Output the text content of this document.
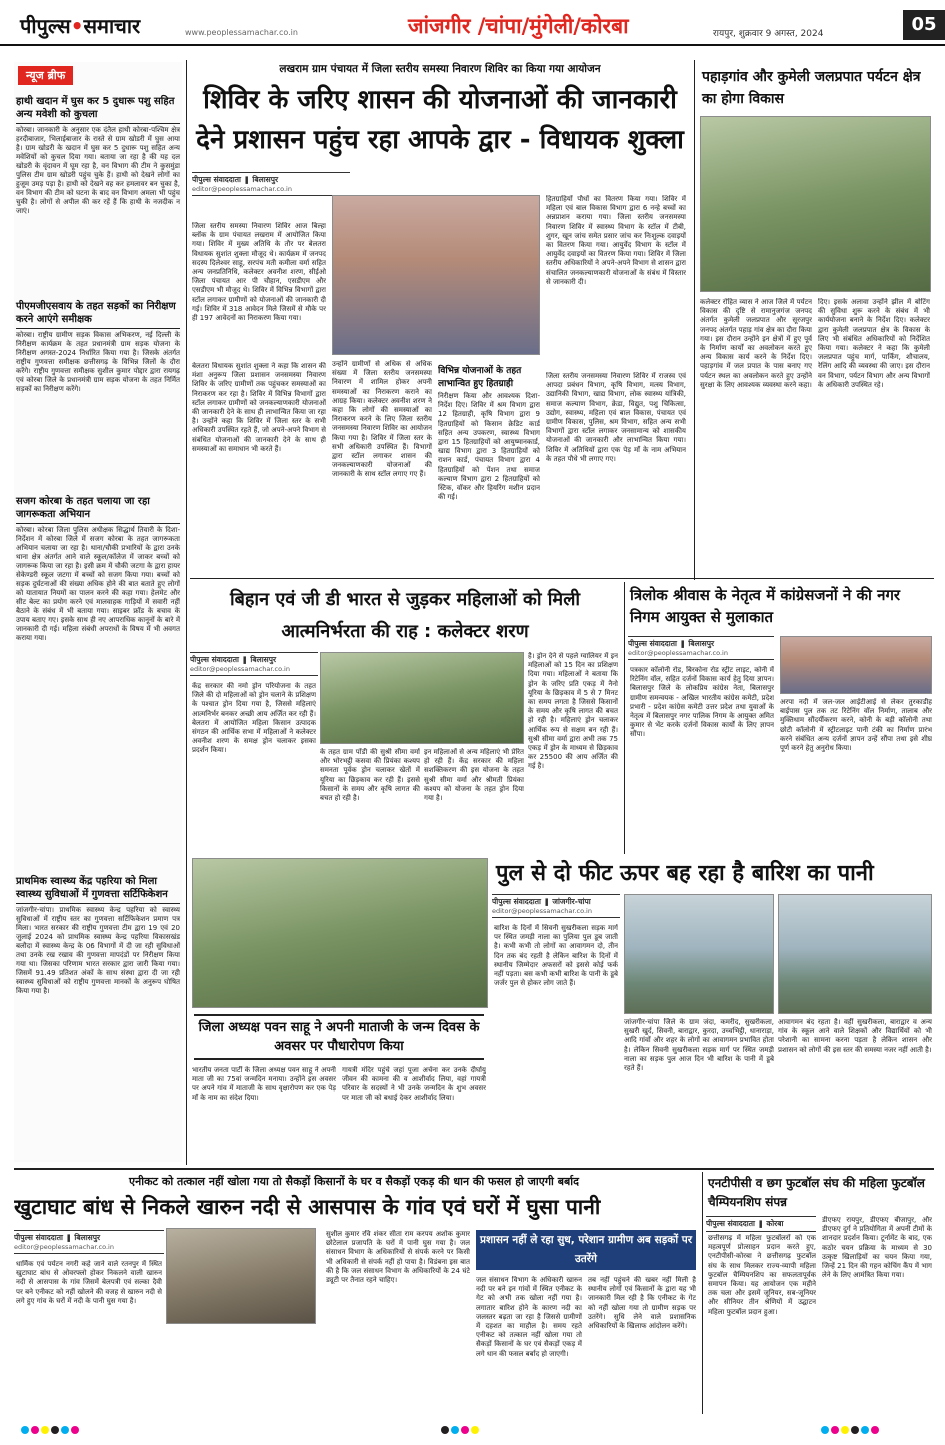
पीपुल्स•समाचार	www.peoplessamachar.co.in	जांजगीर /चांपा/मुंगेली/कोरबा	रायपुर, शुक्रवार 9 अगस्त, 2024	05
न्यूज ब्रीफ
हाथी खदान में घुस कर 5 दुधारू पशु सहित अन्य मवेशी को कुचला
कोरबा। जानकारी के अनुसार एक दंतैल हाथी कोरबा-पश्चिम क्षेत्र हरदीबाजार, भिलाईबाजार के रास्ते से ग्राम खोडरी में घुस आया है। ग्राम खोडरी के खदान में घुस कर 5 दुधारू पशु सहित अन्य मवेशियों को कुचल दिया गया। बताया जा रहा है की यह दल खोडरी के वृंदावन में घूम रहा है, वन विभाग की टीम ने कुसमुंडा पुलिस टीम ग्राम खोडरी पहुंच चुके हैं। हाथी को देखने लोगों का हुजूम उमड़ पड़ा है। हाथी को देखने वह कर हमलावर बन चुका है, वन विभाग की टीम को घटना के बाद वन विभाग अमला भी पहुंच चुकी है। लोगों से अपील की कर रहें हैं कि हाथी के नजदीक न जाएं।
पीएमजीएसवाय के तहत सड़कों का निरीक्षण करने आएंगे समीक्षक
कोरबा। राष्ट्रीय ग्रामीण सड़क विकास अभिकरण, नई दिल्ली के निरीक्षण कार्यक्रम के तहत प्रधानमंत्री ग्राम सड़क योजना के निरीक्षण अगस्त-2024 निर्धारित किया गया है। जिसके अंतर्गत राष्ट्रीय गुणवत्ता समीक्षक छत्तीसगढ़ के विभिन्न जिलों के दौरा करेंगे। राष्ट्रीय गुणवत्ता समीक्षक सुशील कुमार पोद्दार द्वारा रायगढ़ एवं कोरबा जिले के प्रधानमंत्री ग्राम सड़क योजना के तहत निर्मित सड़कों का निरीक्षण करेंगे।
सजग कोरबा के तहत चलाया जा रहा जागरूकता अभियान
कोरबा। कोरबा जिला पुलिस अधीक्षक सिद्धार्थ तिवारी के दिशा-निर्देशन में कोरबा जिले में सजग कोरबा के तहत जागरूकता अभियान चलाया जा रहा है। थाना/चौकी प्रभारियों के द्वारा उनके थाना क्षेत्र अंतर्गत आने वाले स्कूल/कॉलेज में जाकर बच्चों को जागरूक किया जा रहा है। इसी क्रम में चौकी जटगा के द्वारा हायर सेकेण्डरी स्कूल जटगा में बच्चों को सजग किया गया। बच्चों को सड़क दुर्घटनाओं की संख्या अधिक होने की बात बताते हुए लोगों को यातायात नियमों का पालन करने की कहा गया। हेलमेट और सीट बेल्ट का प्रयोग करने एवं मालवाहक गाड़ियों में सवारी नहीं बैठाने के संबंध में भी बताया गया। साइबर फ्रॉड के बचाव के उपाय बताए गए। इसके साथ ही नए आपराधिक कानूनों के बारे में जानकारी दी गई। महिला संबंधी अपराधों के विषय में भी अवगत कराया गया।
प्राथमिक स्वास्थ्य केंद्र पहरिया को मिला स्वास्थ्य सुविधाओं में गुणवत्ता सर्टिफिकेशन
जांजगीर-चांपा। प्राथमिक स्वास्थ्य केन्द्र पहरिया को स्वास्थ्य सुविधाओं में राष्ट्रीय स्तर का गुणवत्ता सर्टिफिकेशन प्रमाण पत्र मिला। भारत सरकार की राष्ट्रीय गुणवत्ता टीम द्वारा 19 एवं 20 जुलाई 2024 को प्राथमिक स्वास्थ्य केन्द्र पहरिया विकासखंड बलौदा में स्वास्थ्य केन्द्र के 06 विभागों में दी जा रही सुविधाओं तथा उनके रख रखाव की गुणवत्ता मापदंडों पर निरीक्षण किया गया था। जिसका परिणाम भारत सरकार द्वारा जारी किया गया। जिसमें 91.49 प्रतिशत अंकों के साथ संस्था द्वारा दी जा रही स्वास्थ्य सुविधाओं को राष्ट्रीय गुणवत्ता मानकों के अनुरूप घोषित किया गया है।
लखराम ग्राम पंचायत में जिला स्तरीय समस्या निवारण शिविर का किया गया आयोजन
शिविर के जरिए शासन की योजनाओं की जानकारी देने प्रशासन पहुंच रहा आपके द्वार - विधायक शुक्ला
पीपुल्स संवाददाता ❚ बिलासपुर
editor@peoplessamachar.co.in
जिला स्तरीय समस्या निवारण शिविर आज बिल्हा ब्लॉक के ग्राम पंचायत लखराम में आयोजित किया गया। शिविर में मुख्य अतिथि के तौर पर बेलतरा विधायक सुशांत शुक्ला मौजूद थे। कार्यक्रम में जनपद सदस्य दिलेश्वर साहू, सरपंच मती कमीला वर्मा सहित अन्य जनप्रतिनिधि, कलेक्टर अवनीश शरण, सीईओ जिला पंचायत आर पी चौहान, एसडीएम और एसडीएम भी मौजूद थे। शिविर में विभिन्न विभागों द्वारा स्टॉल लगाकर ग्रामीणों को योजनाओं की जानकारी दी गई। शिविर में 318 आवेदन मिले जिसमें से मौके पर ही 197 आवेदनों का निराकरण किया गया।
बेलतरा विधायक सुशांत शुक्ला ने कहा कि शासन की मंशा अनुरूप जिला प्रशासन जनसमस्या निवारण शिविर के जरिए ग्रामीणों तक पहुंचकर समस्याओं का निराकरण कर रहा है। शिविर में विभिन्न विभागों द्वारा स्टॉल लगाकर ग्रामीणों को जनकल्याणकारी योजनाओं की जानकारी देने के साथ ही लाभान्वित किया जा रहा है। उन्होंने कहा कि शिविर में जिला स्तर के सभी अधिकारी उपस्थित रहते हैं, जो अपने-अपने विभाग से संबंधित योजनाओं की जानकारी देने के साथ ही समस्याओं का समाधान भी करते हैं।
उन्होंने ग्रामीणों से अधिक से अधिक संख्या में जिला स्तरीय जनसमस्या निवारण में शामिल होकर अपनी समस्याओं का निराकरण कराने का आग्रह किया। कलेक्टर अवनीश शरण ने कहा कि लोगों की समस्याओं का निराकरण करने के लिए जिला स्तरीय जनसमस्या निवारण शिविर का आयोजन किया गया है। शिविर में जिला स्तर के सभी अधिकारी उपस्थित हैं। विभागों द्वारा स्टॉल लगाकर शासन की जनकल्याणकारी योजनाओं की जानकारी के साथ स्टॉल लगाए गए हैं।
विभिन्न योजनाओं के तहत लाभान्वित हुए हितग्राही
निरीक्षण किया और आवश्यक दिशा-निर्देश दिए। शिविर में श्रम विभाग द्वारा 12 हितग्राही, कृषि विभाग द्वारा 9 हितग्राहियों को किसान क्रेडिट कार्ड सहित अन्य उपकरण, स्वास्थ्य विभाग द्वारा 15 हितग्राहियों को आयुष्मानकार्ड, खाद्य विभाग द्वारा 3 हितग्राहियों को राशन कार्ड, पंचायत विभाग द्वारा 4 हितग्राहियों को पेंशन तथा समाज कल्याण विभाग द्वारा 2 हितग्राहियों को स्टिक, वॉकर और हियरिंग मशीन प्रदान की गई।
हितग्राहियों पौधों का वितरण किया गया। शिविर में महिला एवं बाल विकास विभाग द्वारा 6 नन्हे बच्चों का अन्नप्राशन कराया गया। जिला स्तरीय जनसमस्या निवारण शिविर में स्वास्थ्य विभाग के स्टॉल में टीबी, शुगर, खून जांच समेत प्रसार जांच कर निःशुल्क दवाइयों का वितरण किया गया। आयुर्वेद विभाग के स्टॉल में आयुर्वेद दवाइयों का वितरण किया गया। शिविर में जिला स्तरीय अधिकारियों ने अपने-अपने विभाग से शासन द्वारा संचालित जनकल्याणकारी योजनाओं के संबंध में विस्तार से जानकारी दी।
जिला स्तरीय जनसमस्या निवारण शिविर में राजस्व एवं आपदा प्रबंधन विभाग, कृषि विभाग, मत्स्य विभाग, उद्यानिकी विभाग, खाद्य विभाग, लोक स्वास्थ्य यांत्रिकी, समाज कल्याण विभाग, क्रेडा, विद्युत, पशु चिकित्सा, उद्योग, स्वास्थ्य, महिला एवं बाल विकास, पंचायत एवं ग्रामीण विकास, पुलिस, श्रम विभाग, सहित अन्य सभी विभागों द्वारा स्टॉल लगाकर जनसामान्य को शासकीय योजनाओं की जानकारी और लाभान्वित किया गया। शिविर में अतिथियों द्वारा एक पेड़ माँ के नाम अभियान के तहत पौधे भी लगाए गए।
पहाड़गांव और कुमेली जलप्रपात पर्यटन क्षेत्र का होगा विकास
कलेक्टर रोहित व्यास ने आज जिले में पर्यटन विकास की दृष्टि से रामानुजगंज जनपद अंतर्गत कुमेली जलप्रपात और सूरजपुर जनपद अंतर्गत पहाड़ गांव क्षेत्र का दौरा किया गया। इस दौरान उन्होंने इन क्षेत्रों में हुए पूर्व के निर्माण कार्यों का अवलोकन करते हुए अन्य विकास कार्य करने के निर्देश दिए। पहाड़गांव में जल प्रपात के पास बनाए गए पर्यटन स्थल का अवलोकन करते हुए उन्होंने सुरक्षा के लिए आवश्यक व्यवस्था करने कहा।
दिए। इसके अलावा उन्होंने झील में बोटिंग की सुविधा शुरू करने के संबंध में भी कार्ययोजना बनाने के निर्देश दिए। कलेक्टर द्वारा कुमेली जलप्रपात क्षेत्र के विकास के लिए भी संबंधित अधिकारियों को निर्देशित किया गया। कलेक्टर ने कहा कि कुमेली जलप्रपात पहुंच मार्ग, पार्किंग, शौचालय, रेलिंग आदि की व्यवस्था की जाए। इस दौरान वन विभाग, पर्यटन विभाग और अन्य विभागों के अधिकारी उपस्थित रहे।
बिहान एवं जी डी भारत से जुड़कर महिलाओं को मिली आत्मनिर्भरता की राह : कलेक्टर शरण
पीपुल्स संवाददाता ❚ बिलासपुर
editor@peoplessamachar.co.in
केंद्र सरकार की नमो ड्रोन परियोजना के तहत जिले की दो महिलाओं को ड्रोन चलाने के प्रशिक्षण के पश्चात ड्रोन दिया गया है, जिससे महिलाएं आत्मनिर्भर बनकर अच्छी आय अर्जित कर रही हैं। बेलतरा में आयोजित महिला किसान उत्पादक संगठन की आर्थिक सभा में महिलाओं ने कलेक्टर अवनीश शरण के समक्ष ड्रोन चलाकर इसका प्रदर्शन किया।	के तहत ग्राम पोंडी की सुश्री सीमा वर्मा और भोरभट्ठी कसवा की प्रियंका कश्यप समनता पूर्वक ड्रोन चलाकर खेतों में यूरिया का छिड़काव कर रही हैं। इससे किसानों के समय और कृषि लागत की बचत हो रही है।
इन महिलाओं से अन्य महिलाएं भी प्रेरित हो रही हैं। केंद्र सरकार की महिला सशक्तिकरण की इस योजना के तहत सुश्री सीमा वर्मा और श्रीमती प्रियंका कश्यप को योजना के तहत ड्रोन दिया गया है।
है। ड्रोन देने से पहले ग्वालियर में इन महिलाओं को 15 दिन का प्रशिक्षण दिया गया। महिलाओं ने बताया कि ड्रोन के जरिए प्रति एकड़ में नैनो यूरिया के छिड़काव में 5 से 7 मिनट का समय लगता है जिससे किसानों के समय और कृषि लागत की बचत हो रही है। महिलाएं ड्रोन चलाकर आर्थिक रूप से सक्षम बन रही हैं। सुश्री सीमा वर्मा द्वारा अभी तक 75 एकड़ में ड्रोन के माध्यम से छिड़काव कर 25500 की आय अर्जित की गई है।
त्रिलोक श्रीवास के नेतृत्व में कांग्रेसजनों ने की नगर निगम आयुक्त से मुलाकात
पीपुल्स संवाददाता ❚ बिलासपुर
editor@peoplessamachar.co.in
पत्रकार कॉलोनी रोड, बिरकोना रोड स्ट्रीट लाइट, कोनी में रिटेनिंग वॉल, सहित दर्जनों विकास कार्य हेतु दिया ज्ञापन। बिलासपुर जिले के लोकप्रिय कांग्रेस नेता, बिलासपुर ग्रामीण समन्वयक - अखिल भारतीय कांग्रेस कमेटी, प्रदेश प्रभारी - प्रदेश कांग्रेस कमेटी उत्तर प्रदेश तथा युवाओं के नेतृत्व में बिलासपुर नगर पालिक निगम के आयुक्त अमित कुमार से भेंट करके दर्जनों विकास कार्यों के लिए ज्ञापन सौंपा।
अरपा नदी में जल-जल आईटीआई से लेकर तुरकाडीह बाईपास पुल तक तट रिटेनिंग वॉल निर्माण, तालाब और मुक्तिधाम सौंदर्यीकरण करने, कोनी के बड़ी कॉलोनी तथा छोटी कॉलोनी में स्ट्रीटलाइट पानी टंकी का निर्माण प्रारंभ करने संबंधित अन्य दर्जनों ज्ञापन उन्हें सौंपा तथा इसे शीघ्र पूर्ण करने हेतु अनुरोध किया।
जिला अध्यक्ष पवन साहू ने अपनी माताजी के जन्म दिवस के अवसर पर पौधारोपण किया
भारतीय जनता पार्टी के जिला अध्यक्ष पवन साहू ने अपनी माता जी का 75वां जन्मदिन मनाया। उन्होंने इस अवसर पर अपने गांव में माताजी के साथ वृक्षारोपण कर एक पेड़ माँ के नाम का संदेश दिया।
गायत्री मंदिर पहुंचे जहां पूजा अर्चना कर उनके दीर्घायु जीवन की कामना की व आशीर्वाद लिया, वहां गायत्री परिवार के सदस्यों ने भी उनके जन्मदिन के शुभ अवसर पर माता जी को बधाई देकर आशीर्वाद लिया।
पुल से दो फीट ऊपर बह रहा है बारिश का पानी
पीपुल्स संवाददाता ❚ जांजगीर-चांपा
editor@peoplessamachar.co.in
बारिश के दिनों में सिवनी सुखरीकला सड़क मार्ग पर स्थित जमड़ी नाला का पुलिया पुल डूब जाती है। कभी कभी तो लोगों का आवागमन दो, तीन दिन तक बंद रहती है लेकिन बारिश के दिनों में स्थानीय जिम्मेदार अफसरों को इससे कोई फर्क नहीं पड़ता। बस कभी कभी बारिश के पानी के डूबे जर्जर पुल से होकर लोग जाते हैं।
जांजगीर-चांपा जिले के ग्राम जंदा, कमरीद, सुखरीकला, सुखरी खुर्द, सिवनी, बाराद्वार, कुरदा, उच्चभिट्ठी, धानाराड़ा, आदि गांवों और शहर के लोगों का आवागमन प्रभावित होता है। लेकिन सिवनी सुखरीकला सड़क मार्ग पर स्थित जमड़ी नाला का सड़क पुल आज दिन भी बारिश के पानी में डूबे रहते हैं।
आवागमन बंद रहता है। वहीं सुखरीकला, बाराद्वार व अन्य गांव के स्कूल आने वाले शिक्षकों और विद्यार्थियों को भी परेशानी का सामना करना पड़ता है लेकिन शासन और प्रशासन को लोगों की इस स्तर की समस्या नजर नहीं आती है।
एनीकट को तत्काल नहीं खोला गया तो सैकड़ों किसानों के घर व सैकड़ों एकड़ की धान की फसल हो जाएगी बर्बाद
खुटाघाट बांध से निकले खारुन नदी से आसपास के गांव एवं घरों में घुसा पानी
पीपुल्स संवाददाता ❚ बिलासपुर
editor@peoplessamachar.co.in
धार्मिक एवं पर्यटन नगरी कहे जाने वाले रतनपुर में स्थित खुटाघाट बांध से ओवरफ्लो होकर निकलने वाली खारुन नदी से आसपास के गांव जिसमें बेलपत्री एवं सल्का दैवी पर बने एनीकट को नहीं खोलने की वजह से खारुन नदी से लगे हुए गांव के घरों में नदी के पानी घुस गया है।
सुशील कुमार रवि शंकर सीता राम करपय अशोक कुमार छोटेलाल प्रजापति के घरों में पानी घुस गया है। जल संसाधन विभाग के अधिकारियों से संपर्क करने पर किसी भी अधिकारी से संपर्क नहीं हो पाया है। विडंबना इस बात की है कि जल संसाधन विभाग के अधिकारियों के 24 घंटे ड्यूटी पर तैनात रहने चाहिए।
प्रशासन नहीं ले रहा सुध, परेशान ग्रामीण अब सड़कों पर उतरेंगे
जल संसाधन विभाग के अधिकारी खारुन नदी पर बने इन गांवों में स्थित एनीकट के गेट को अभी तक खोला नहीं गया है। लगातार बारिश होने के कारण नदी का जलस्तर बढ़ता जा रहा है जिससे ग्रामीणों में दहशत का माहौल है। समय रहते एनीकट को तत्काल नहीं खोला गया तो सैकड़ों किसानों के घर एवं सैकड़ों एकड़ में लगे धान की फसल बर्बाद हो जाएगी।
तब नहीं पहुंचने की खबर नहीं मिली है स्थानीय लोगों एवं किसानों के द्वारा यह भी जानकारी मिल रही है कि एनीकट के गेट को नहीं खोला गया तो ग्रामीण सड़क पर उतरेंगे। सुधि लेने वाले प्रशासनिक अधिकारियों के खिलाफ आंदोलन करेंगे।
एनटीपीसी व छग फुटबॉल संघ की महिला फुटबॉल चैम्पियनशिप संपन्न
पीपुल्स संवाददाता ❚ कोरबा
छत्तीसगढ़ में महिला फुटबॉलरों को एक महत्वपूर्ण प्रोत्साहन प्रदान करते हुए, एनटीपीसी-कोरबा ने छत्तीसगढ़ फुटबॉल संघ के साथ मिलकर राज्य-व्यापी महिला फुटबॉल चैम्पियनशिप का सफलतापूर्वक समापन किया। यह आयोजन एक महीने तक चला और इसमें जूनियर, सब-जूनियर और सीनियर तीन श्रेणियों में उद्घाटन महिला फुटबॉल प्रदान हुआ।
डीएफए रायपुर, डीएफए बीजापुर, और डीएफए दुर्ग ने प्रतियोगिता में अपनी टीमों के शानदार प्रदर्शन किया। टूर्नामेंट के बाद, एक कठोर चयन प्रक्रिया के माध्यम से 30 उत्कृष्ट खिलाड़ियों का चयन किया गया, जिन्हें 21 दिन की गहन कोचिंग कैंप में भाग लेने के लिए आमंत्रित किया गया।
